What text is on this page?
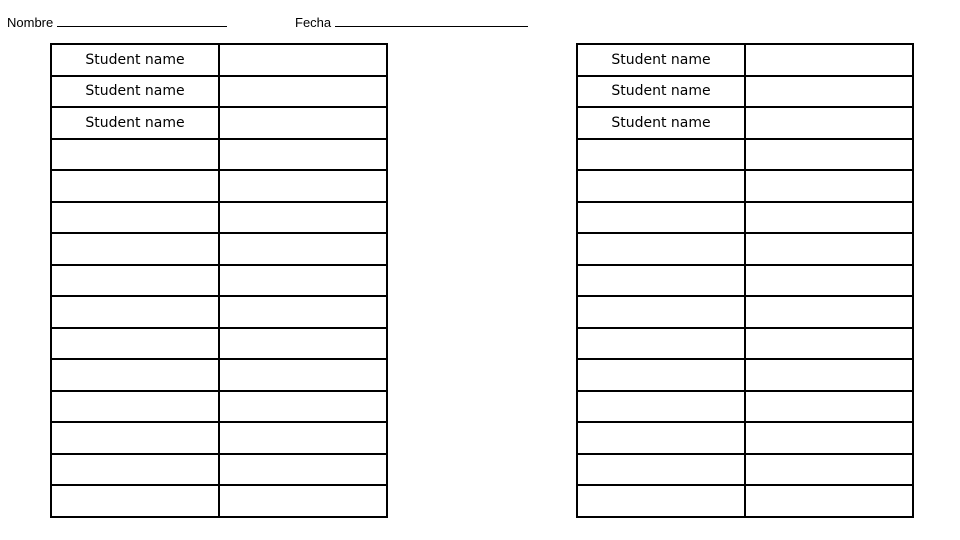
Nombre	Fecha
Student name	
Student name	
Student name	

Student name	
Student name	
Student name	
